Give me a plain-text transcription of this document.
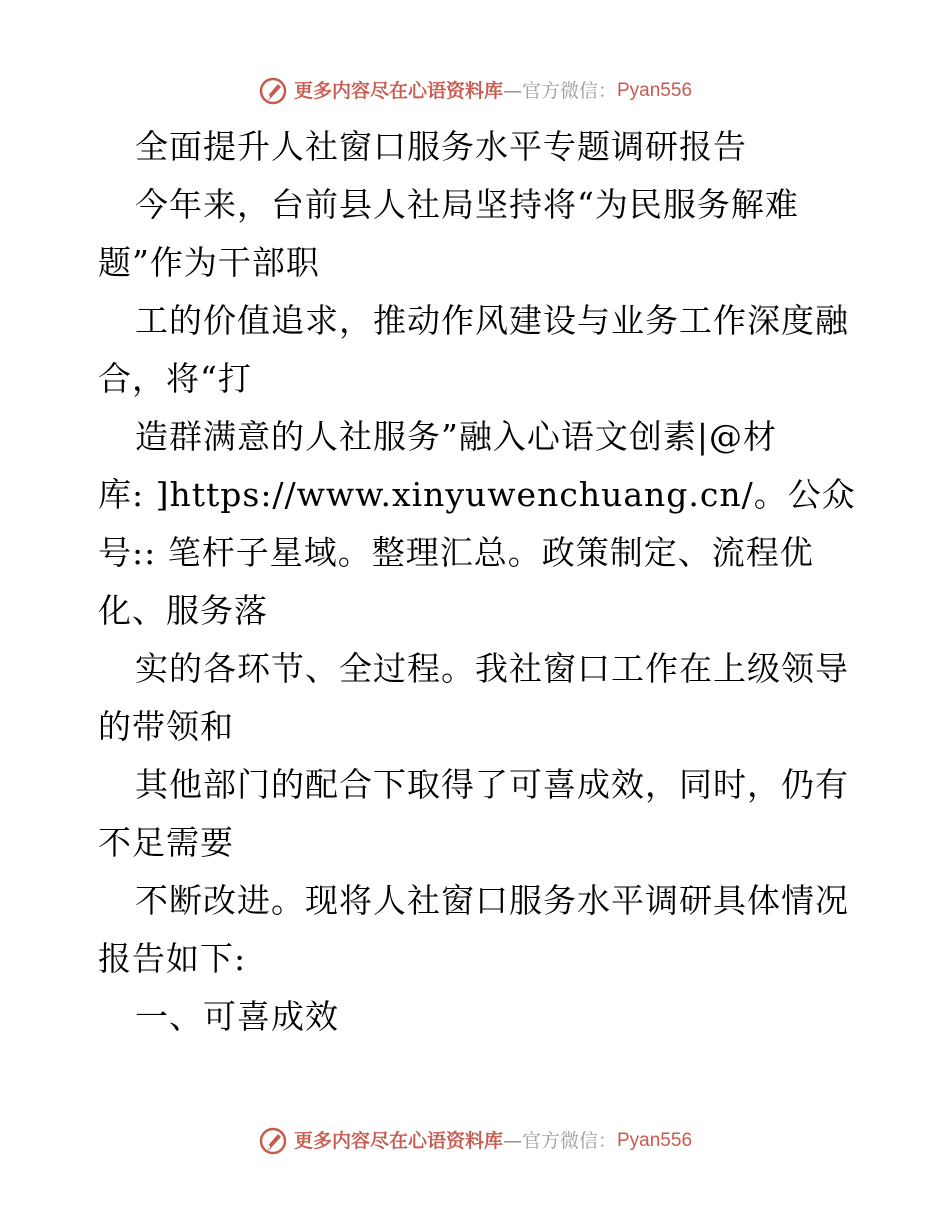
更多内容尽在心语资料库 — 官方微信： Pyan556
全面提升人社窗口服务水平专题调研报告
今年来，台前县人社局坚持将“为民服务解难
题”作为干部职
工的价值追求，推动作风建设与业务工作深度融
合，将“打
造群满意的人社服务”融入心语文创素|@材
库: ]https://www.xinyuwenchuang.cn/。公众
号:: 笔杆子星域。整理汇总。政策制定、流程优
化、服务落
实的各环节、全过程。我社窗口工作在上级领导
的带领和
其他部门的配合下取得了可喜成效，同时，仍有
不足需要
不断改进。现将人社窗口服务水平调研具体情况
报告如下:
一、可喜成效
更多内容尽在心语资料库 — 官方微信： Pyan556
